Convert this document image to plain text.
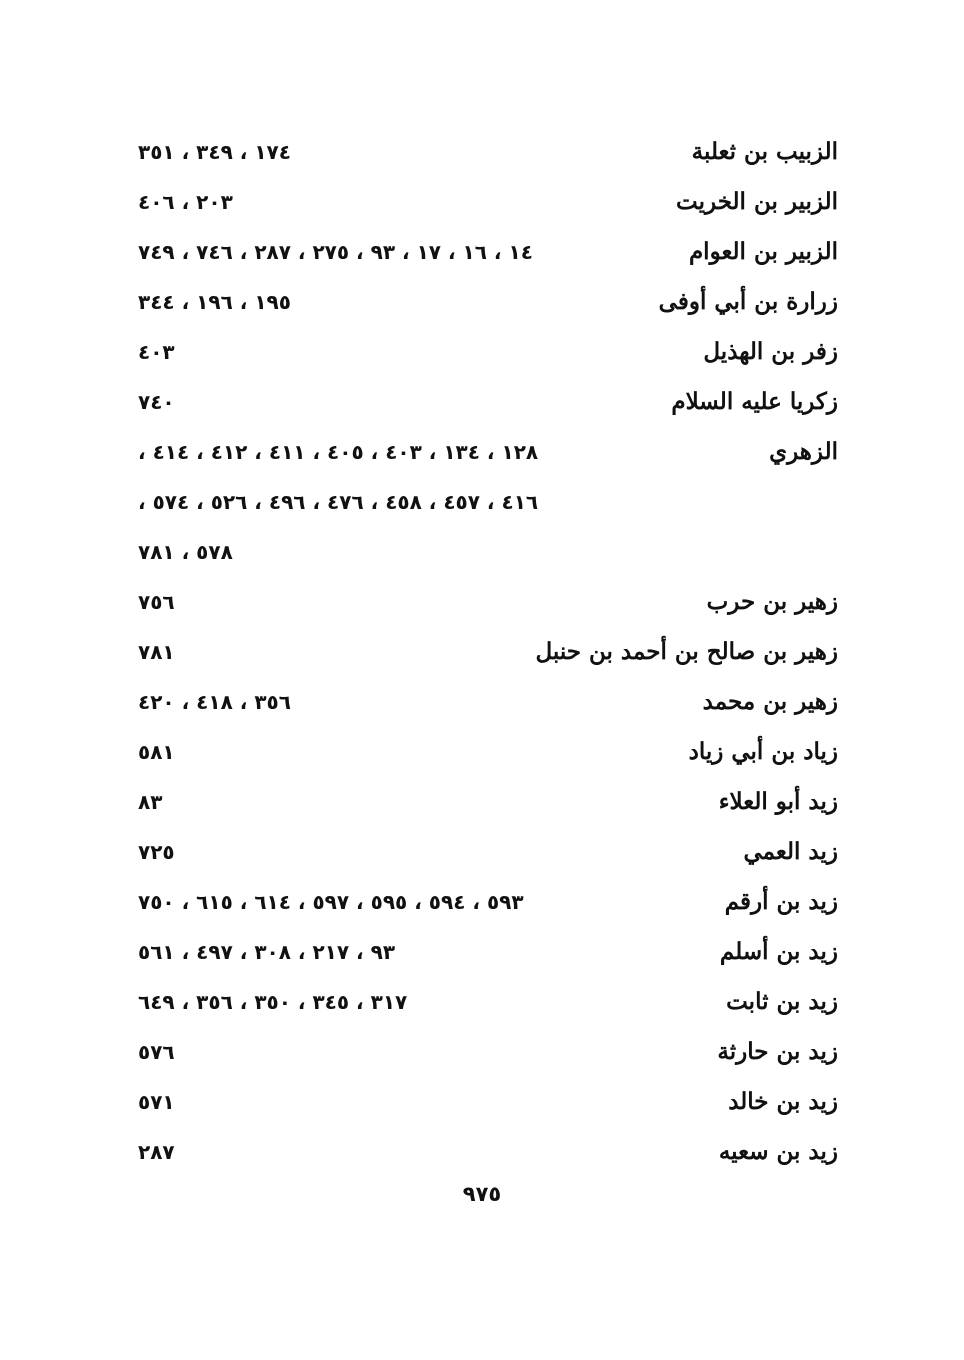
الزبيب بن ثعلبة
١٧٤ ، ٣٤٩ ، ٣٥١
الزبير بن الخريت
٢٠٣ ، ٤٠٦
الزبير بن العوام
١٤ ، ١٦ ، ١٧ ، ٩٣ ، ٢٧٥ ، ٢٨٧ ، ٧٤٦ ، ٧٤٩
زرارة بن أبي أوفى
١٩٥ ، ١٩٦ ، ٣٤٤
زفر بن الهذيل
٤٠٣
زكريا عليه السلام
٧٤٠
الزهري
١٢٨ ، ١٣٤ ، ٤٠٣ ، ٤٠٥ ، ٤١١ ، ٤١٢ ، ٤١٤ ،
٤١٦ ، ٤٥٧ ، ٤٥٨ ، ٤٧٦ ، ٤٩٦ ، ٥٢٦ ، ٥٧٤ ،
٥٧٨ ، ٧٨١
زهير بن حرب
٧٥٦
زهير بن صالح بن أحمد بن حنبل
٧٨١
زهير بن محمد
٣٥٦ ، ٤١٨ ، ٤٢٠
زياد بن أبي زياد
٥٨١
زيد أبو العلاء
٨٣
زيد العمي
٧٢٥
زيد بن أرقم
٥٩٣ ، ٥٩٤ ، ٥٩٥ ، ٥٩٧ ، ٦١٤ ، ٦١٥ ، ٧٥٠
زيد بن أسلم
٩٣ ، ٢١٧ ، ٣٠٨ ، ٤٩٧ ، ٥٦١
زيد بن ثابت
٣١٧ ، ٣٤٥ ، ٣٥٠ ، ٣٥٦ ، ٦٤٩
زيد بن حارثة
٥٧٦
زيد بن خالد
٥٧١
زيد بن سعيه
٢٨٧
٩٧٥
